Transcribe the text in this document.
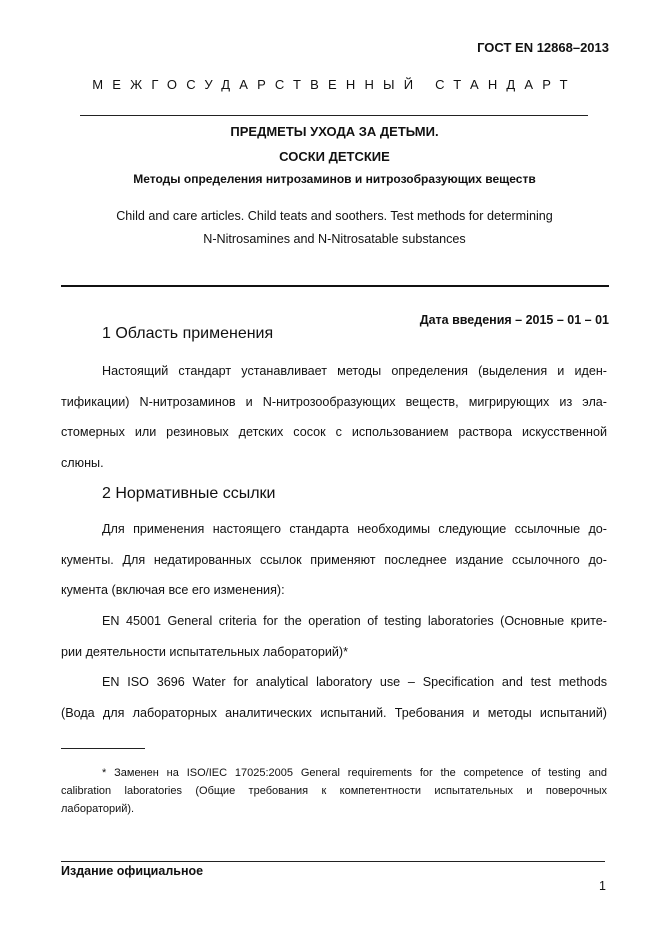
ГОСТ EN 12868–2013
МЕЖГОСУДАРСТВЕННЫЙ СТАНДАРТ
ПРЕДМЕТЫ УХОДА ЗА ДЕТЬМИ.
СОСКИ ДЕТСКИЕ
Методы определения нитрозаминов и нитрозобразующих веществ
Child and care articles. Child teats and soothers. Test methods for determining
N-Nitrosamines and N-Nitrosatable substances
Дата введения – 2015 – 01 – 01
1 Область применения
Настоящий стандарт устанавливает методы определения (выделения и иден-
тификации) N-нитрозаминов и N-нитрозообразующих веществ, мигрирующих из эла-
стомерных или резиновых детских сосок с использованием раствора искусственной
слюны.
2 Нормативные ссылки
Для применения настоящего стандарта необходимы следующие ссылочные до-
кументы. Для недатированных ссылок применяют последнее издание ссылочного до-
кумента (включая все его изменения):
EN 45001 General criteria for the operation of testing laboratories (Основные крите-
рии деятельности испытательных лабораторий)*
EN ISO 3696 Water for analytical laboratory use – Specification and test methods
(Вода для лабораторных аналитических испытаний. Требования и методы испытаний)
* Заменен на ISO/IEC 17025:2005 General requirements for the competence of testing and
calibration laboratories (Общие требования к компетентности испытательных и поверочных
лабораторий).
Издание официальное
1
